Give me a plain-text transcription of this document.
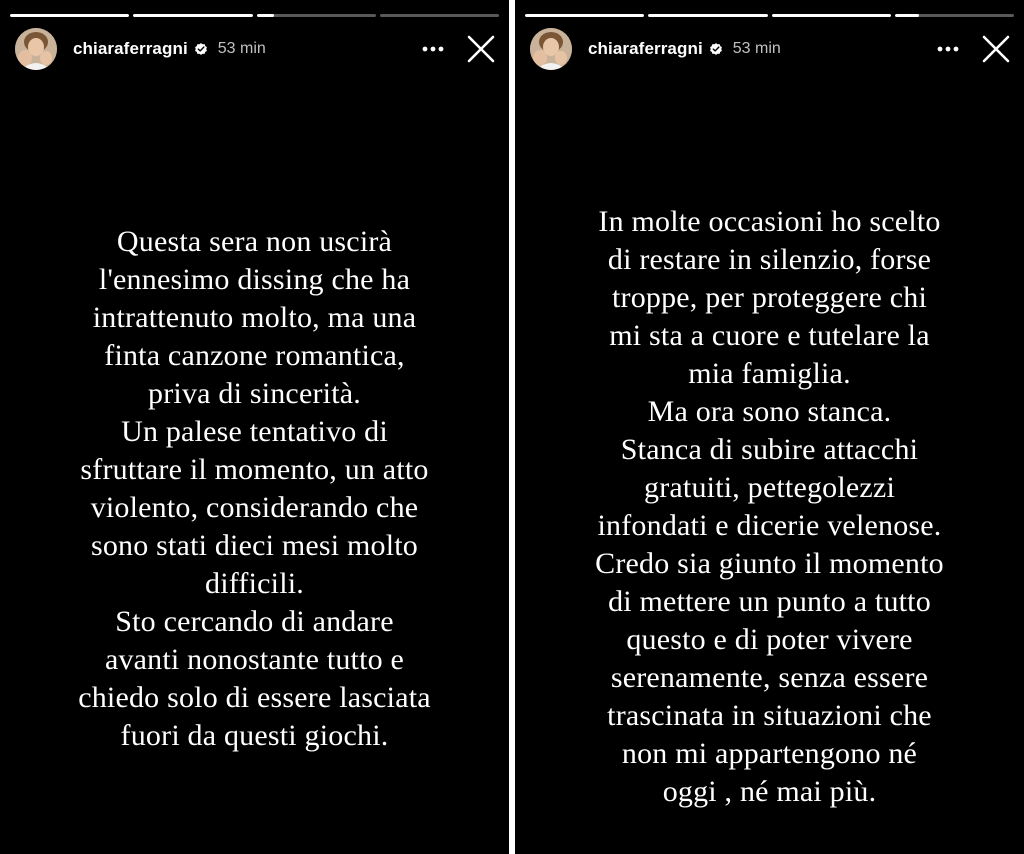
chiaraferragni 53 min
Questa sera non uscirà
l'ennesimo dissing che ha
intrattenuto molto, ma una
finta canzone romantica,
priva di sincerità.
Un palese tentativo di
sfruttare il momento, un atto
violento, considerando che
sono stati dieci mesi molto
difficili.
Sto cercando di andare
avanti nonostante tutto e
chiedo solo di essere lasciata
fuori da questi giochi.
chiaraferragni 53 min
In molte occasioni ho scelto
di restare in silenzio, forse
troppe, per proteggere chi
mi sta a cuore e tutelare la
mia famiglia.
Ma ora sono stanca.
Stanca di subire attacchi
gratuiti, pettegolezzi
infondati e dicerie velenose.
Credo sia giunto il momento
di mettere un punto a tutto
questo e di poter vivere
serenamente, senza essere
trascinata in situazioni che
non mi appartengono né
oggi , né mai più.
